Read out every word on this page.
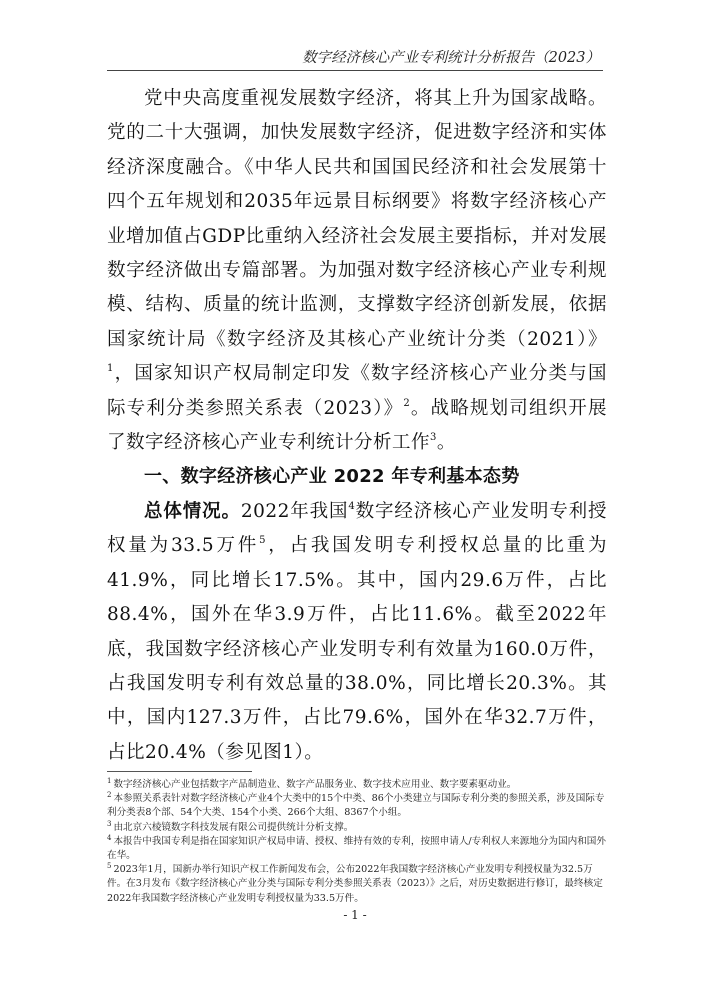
数字经济核心产业专利统计分析报告（2023）

党中央高度重视发展数字经济，将其上升为国家战略。党的二十大强调，加快发展数字经济，促进数字经济和实体经济深度融合。《中华人民共和国国民经济和社会发展第十四个五年规划和2035年远景目标纲要》将数字经济核心产业增加值占GDP比重纳入经济社会发展主要指标，并对发展数字经济做出专篇部署。为加强对数字经济核心产业专利规模、结构、质量的统计监测，支撑数字经济创新发展，依据国家统计局《数字经济及其核心产业统计分类（2021）》$^1$，国家知识产权局制定印发《数字经济核心产业分类与国际专利分类参照关系表（2023）》$^2$。战略规划司组织开展了数字经济核心产业专利统计分析工作$^3$。

一、数字经济核心产业 2022 年专利基本态势

总体情况。2022年我国$^4$数字经济核心产业发明专利授权量为33.5万件$^5$，占我国发明专利授权总量的比重为41.9%，同比增长17.5%。其中，国内29.6万件，占比88.4%，国外在华3.9万件，占比11.6%。截至2022年底，我国数字经济核心产业发明专利有效量为160.0万件，占我国发明专利有效总量的38.0%，同比增长20.3%。其中，国内127.3万件，占比79.6%，国外在华32.7万件，占比20.4%（参见图1）。

$^1$ 数字经济核心产业包括数字产品制造业、数字产品服务业、数字技术应用业、数字要素驱动业。

$^2$ 本参照关系表针对数字经济核心产业4个大类中的15个中类、86个小类建立与国际专利分类的参照关系，涉及国际专利分类表8个部、54个大类、154个小类、266个大组、8367个小组。

$^3$ 由北京六棱镜数字科技发展有限公司提供统计分析支撑。

$^4$ 本报告中我国专利是指在国家知识产权局申请、授权、维持有效的专利，按照申请人/专利权人来源地分为国内和国外在华。

$^5$ 2023年1月，国新办举行知识产权工作新闻发布会，公布2022年我国数字经济核心产业发明专利授权量为32.5万件。在3月发布《数字经济核心产业分类与国际专利分类参照关系表（2023）》之后，对历史数据进行修订，最终核定2022年我国数字经济核心产业发明专利授权量为33.5万件。

- 1 -
